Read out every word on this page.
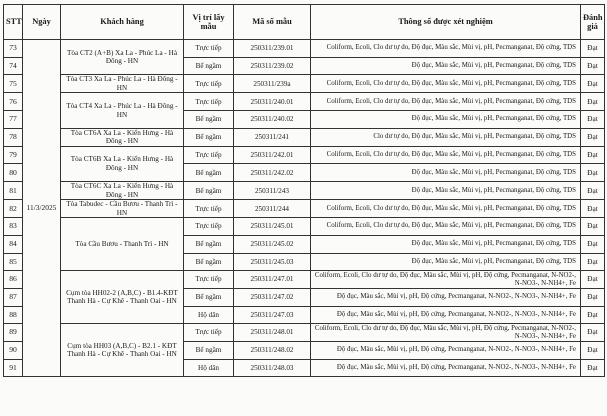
STT	Ngày	Khách hàng	Vị trí lấy mẫu	Mã số mẫu	Thông số được xét nghiệm	Đánh giá
73	11/3/2025	Tòa CT2 (A+B) Xa La - Phúc La - Hà Đông - HN	Trực tiếp	250311/239.01	Coliform, Ecoli, Clo dư tự do, Độ đục, Màu sắc, Mùi vị, pH, Pecmanganat, Độ cứng, TDS	Đạt
74			Bể ngầm	250311/239.02	Độ đục, Màu sắc, Mùi vị, pH, Pecmanganat, Độ cứng, TDS	Đạt
75		Tòa CT3 Xa La - Phúc La - Hà Đông - HN	Trực tiếp	250311/239a	Coliform, Ecoli, Clo dư tự do, Độ đục, Màu sắc, Mùi vị, pH, Pecmanganat, Độ cứng, TDS	Đạt
76		Tòa CT4 Xa La - Phúc La - Hà Đông - HN	Trực tiếp	250311/240.01	Coliform, Ecoli, Clo dư tự do, Độ đục, Màu sắc, Mùi vị, pH, Pecmanganat, Độ cứng, TDS	Đạt
77			Bể ngầm	250311/240.02	Độ đục, Màu sắc, Mùi vị, pH, Pecmanganat, Độ cứng, TDS	Đạt
78		Tòa CT6A Xa La - Kiến Hưng - Hà Đông - HN	Bể ngầm	250311/241	Clo dư tự do, Độ đục, Màu sắc, Mùi vị, pH, Pecmanganat, Độ cứng, TDS	Đạt
79		Tòa CT6B Xa La - Kiến Hưng - Hà Đông - HN	Trực tiếp	250311/242.01	Coliform, Ecoli, Clo dư tự do, Độ đục, Màu sắc, Mùi vị, pH, Pecmanganat, Độ cứng, TDS	Đạt
80			Bể ngầm	250311/242.02	Độ đục, Màu sắc, Mùi vị, pH, Pecmanganat, Độ cứng, TDS	Đạt
81		Tòa CT6C Xa La - Kiến Hưng - Hà Đông - HN	Bể ngầm	250311/243	Độ đục, Màu sắc, Mùi vị, pH, Pecmanganat, Độ cứng, TDS	Đạt
82		Tòa Tabudec - Cầu Bươu - Thanh Trì - HN	Trực tiếp	250311/244	Coliform, Ecoli, Clo dư tự do, Độ đục, Màu sắc, Mùi vị, pH, Pecmanganat, Độ cứng, TDS	Đạt
83		Tòa Cầu Bươu - Thanh Trì - HN	Trực tiếp	250311/245.01	Coliform, Ecoli, Clo dư tự do, Độ đục, Màu sắc, Mùi vị, pH, Pecmanganat, Độ cứng, TDS	Đạt
84			Bể ngầm	250311/245.02	Độ đục, Màu sắc, Mùi vị, pH, Pecmanganat, Độ cứng, TDS	Đạt
85			Bể ngầm	250311/245.03	Độ đục, Màu sắc, Mùi vị, pH, Pecmanganat, Độ cứng, TDS	Đạt
86		Cụm tòa HH02-2 (A,B,C) - B1.4-KĐT Thanh Hà - Cự Khê - Thanh Oai - HN	Trực tiếp	250311/247.01	Coliform, Ecoli, Clo dư tự do, Độ đục, Màu sắc, Mùi vị, pH, Độ cứng, Pecmanganat, N-NO2-, N-NO3-, N-NH4+, Fe	Đạt
87			Bể ngầm	250311/247.02	Độ đục, Màu sắc, Mùi vị, pH, Độ cứng, Pecmanganat, N-NO2-, N-NO3-, N-NH4+, Fe	Đạt
88			Hộ dân	250311/247.03	Độ đục, Màu sắc, Mùi vị, pH, Độ cứng, Pecmanganat, N-NO2-, N-NO3-, N-NH4+, Fe	Đạt
89		Cụm tòa HH03 (A,B,C) - B2.1 - KĐT Thanh Hà - Cự Khê - Thanh Oai - HN	Trực tiếp	250311/248.01	Coliform, Ecoli, Clo dư tự do, Độ đục, Màu sắc, Mùi vị, pH, Độ cứng, Pecmanganat, N-NO2-, N-NO3-, N-NH4+, Fe	Đạt
90			Bể ngầm	250311/248.02	Độ đục, Màu sắc, Mùi vị, pH, Độ cứng, Pecmanganat, N-NO2-, N-NO3-, N-NH4+, Fe	Đạt
91			Hộ dân	250311/248.03	Độ đục, Màu sắc, Mùi vị, pH, Độ cứng, Pecmanganat, N-NO2-, N-NO3-, N-NH4+, Fe	Đạt
